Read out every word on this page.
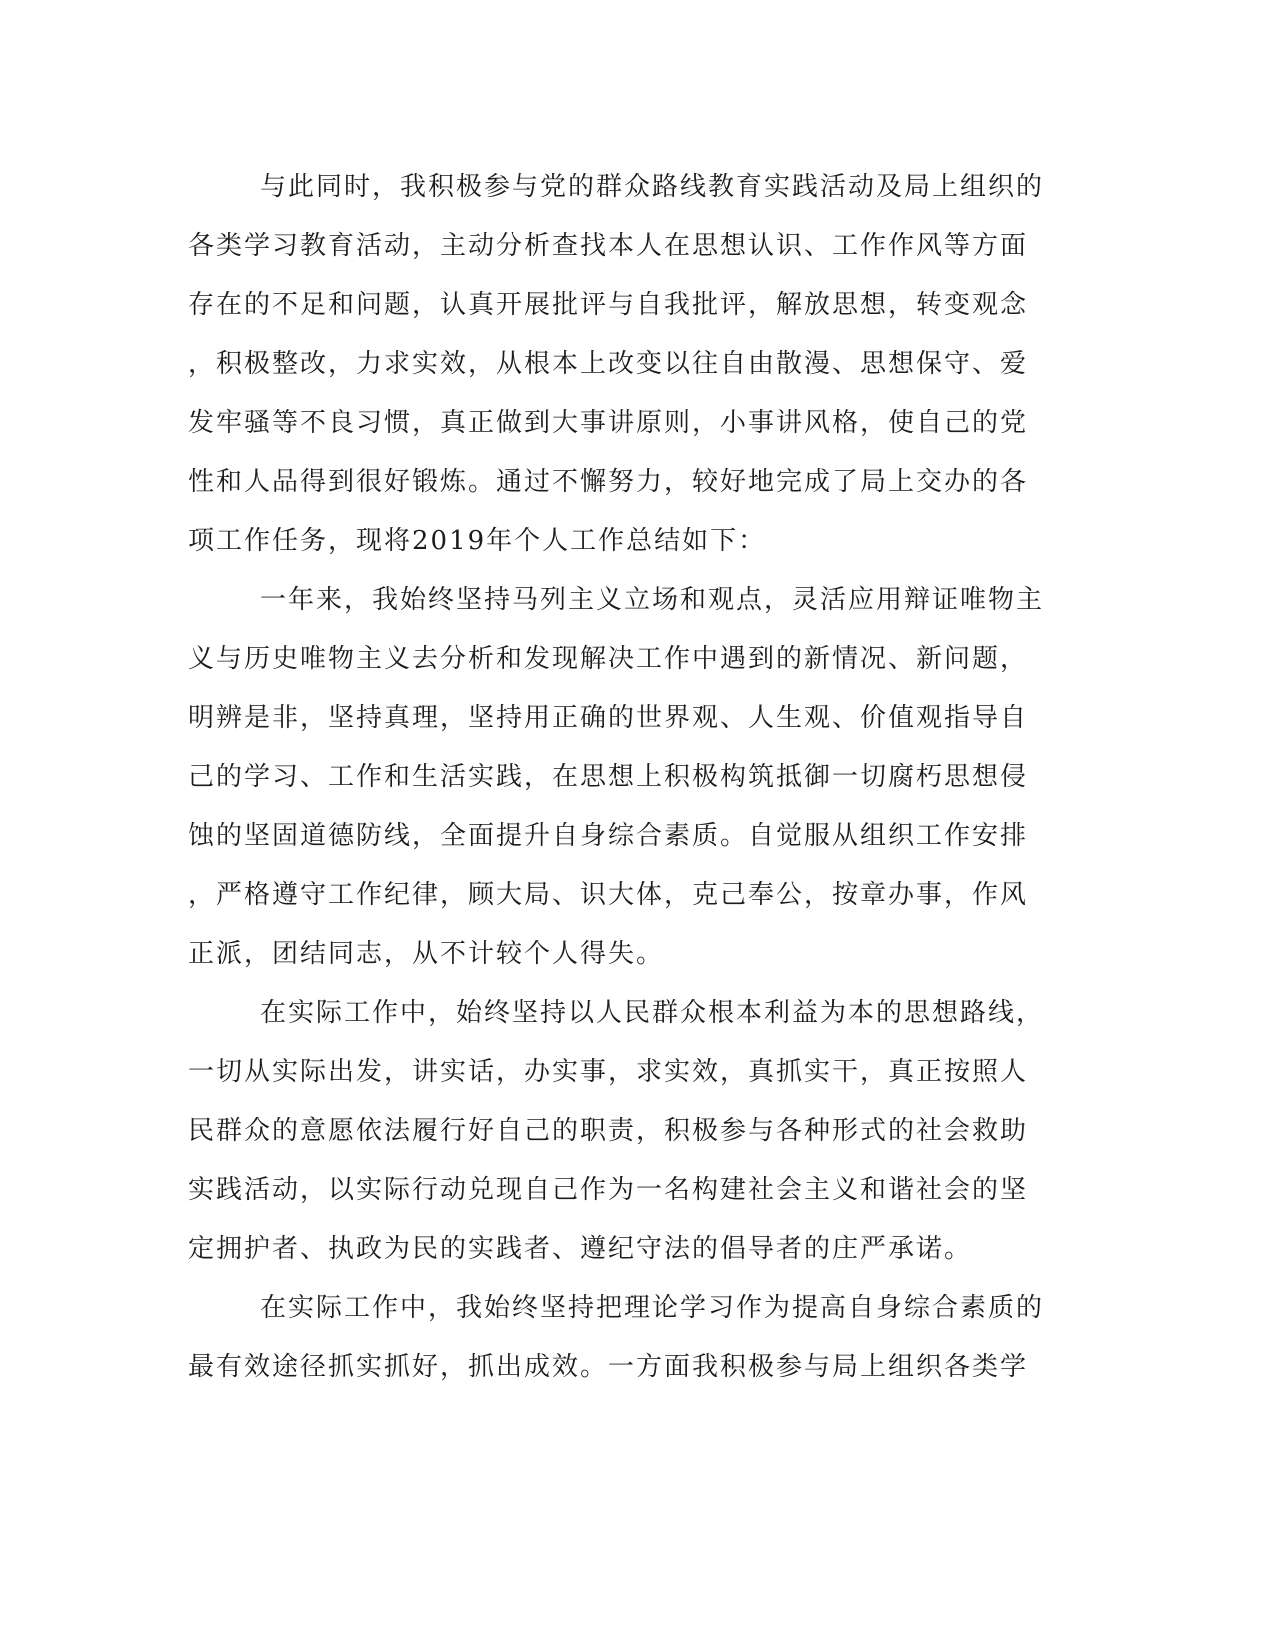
与此同时，我积极参与党的群众路线教育实践活动及局上组织的
各类学习教育活动，主动分析查找本人在思想认识、工作作风等方面
存在的不足和问题，认真开展批评与自我批评，解放思想，转变观念
，积极整改，力求实效，从根本上改变以往自由散漫、思想保守、爱
发牢骚等不良习惯，真正做到大事讲原则，小事讲风格，使自己的党
性和人品得到很好锻炼。通过不懈努力，较好地完成了局上交办的各
项工作任务，现将2019年个人工作总结如下：

一年来，我始终坚持马列主义立场和观点，灵活应用辩证唯物主
义与历史唯物主义去分析和发现解决工作中遇到的新情况、新问题，
明辨是非，坚持真理，坚持用正确的世界观、人生观、价值观指导自
己的学习、工作和生活实践，在思想上积极构筑抵御一切腐朽思想侵
蚀的坚固道德防线，全面提升自身综合素质。自觉服从组织工作安排
，严格遵守工作纪律，顾大局、识大体，克己奉公，按章办事，作风
正派，团结同志，从不计较个人得失。

在实际工作中，始终坚持以人民群众根本利益为本的思想路线，
一切从实际出发，讲实话，办实事，求实效，真抓实干，真正按照人
民群众的意愿依法履行好自己的职责，积极参与各种形式的社会救助
实践活动，以实际行动兑现自己作为一名构建社会主义和谐社会的坚
定拥护者、执政为民的实践者、遵纪守法的倡导者的庄严承诺。

在实际工作中，我始终坚持把理论学习作为提高自身综合素质的
最有效途径抓实抓好，抓出成效。一方面我积极参与局上组织各类学
